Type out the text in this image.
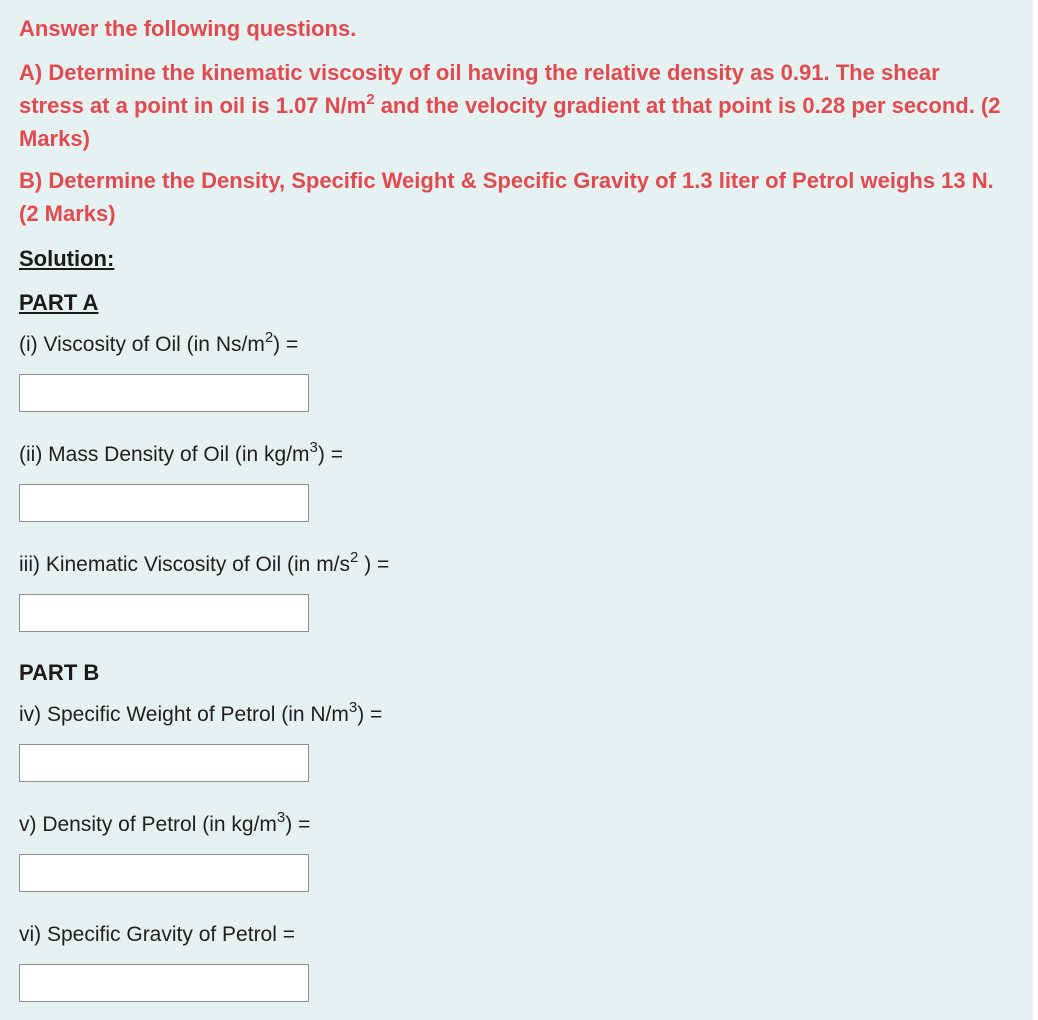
Answer the following questions.

A) Determine the kinematic viscosity of oil having the relative density as 0.91. The shear stress at a point in oil is 1.07 $N/m^2$ and the velocity gradient at that point is 0.28 per second. (2 Marks)

B) Determine the Density, Specific Weight & Specific Gravity of 1.3 liter of Petrol weighs 13 N. (2 Marks)

Solution:
PART A
(i) Viscosity of Oil (in $Ns/m^2$) =
(ii) Mass Density of Oil (in $kg/m^3$) =
iii) Kinematic Viscosity of Oil (in $m/s^2$ ) =
PART B
iv) Specific Weight of Petrol (in $N/m^3$) =
v) Density of Petrol (in $kg/m^3$) =
vi) Specific Gravity of Petrol =
